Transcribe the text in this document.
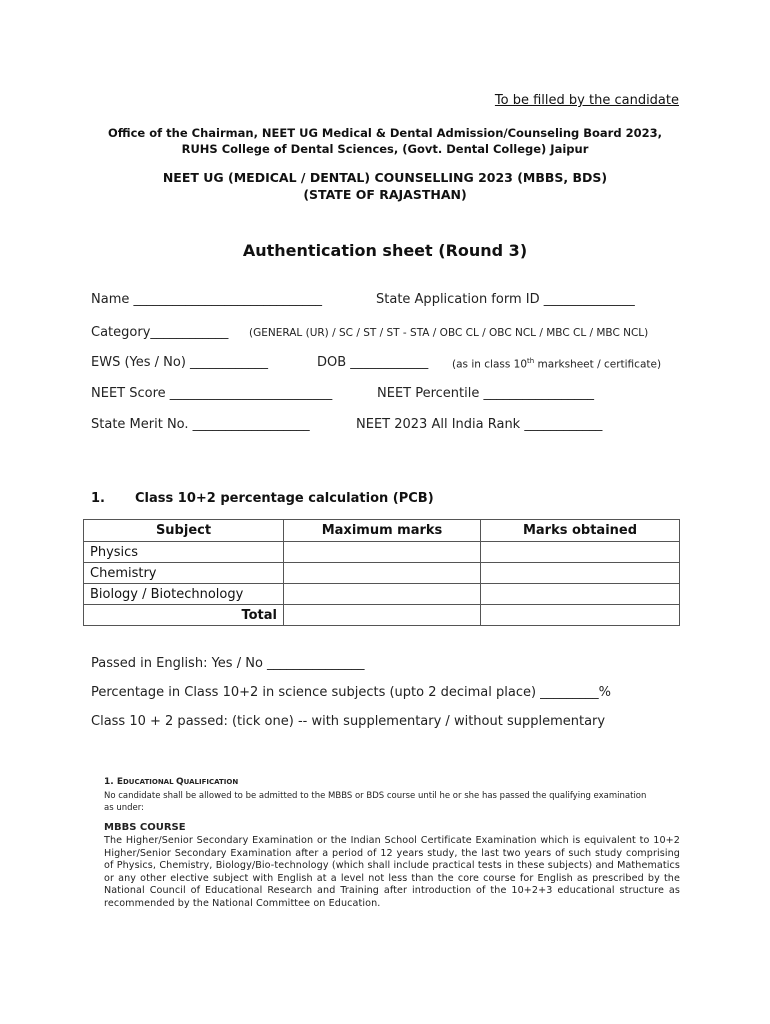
To be filled by the candidate
Office of the Chairman, NEET UG Medical & Dental Admission/Counseling Board 2023,
RUHS College of Dental Sciences, (Govt. Dental College) Jaipur
NEET UG (MEDICAL / DENTAL) COUNSELLING 2023 (MBBS, BDS)
(STATE OF RAJASTHAN)
Authentication sheet (Round 3)
Name _____________________________	State Application form ID ______________
Category____________ (GENERAL (UR) / SC / ST / ST - STA / OBC CL / OBC NCL / MBC CL / MBC NCL)
EWS (Yes / No) ____________	DOB ____________ (as in class 10th marksheet / certificate)
NEET Score _________________________	NEET Percentile _________________
State Merit No. __________________	NEET 2023 All India Rank ____________
1. Class 10+2 percentage calculation (PCB)
Subject	Maximum marks	Marks obtained
Physics		
Chemistry		
Biology / Biotechnology		
Total		
Passed in English: Yes / No _______________
Percentage in Class 10+2 in science subjects (upto 2 decimal place) _________%
Class 10 + 2 passed: (tick one) -- with supplementary / without supplementary
1. EDUCATIONAL QUALIFICATION
No candidate shall be allowed to be admitted to the MBBS or BDS course until he or she has passed the qualifying examination
as under:
MBBS COURSE
The Higher/Senior Secondary Examination or the Indian School Certificate Examination which is equivalent to 10+2 Higher/Senior Secondary Examination after a period of 12 years study, the last two years of such study comprising of Physics, Chemistry, Biology/Bio-technology (which shall include practical tests in these subjects) and Mathematics or any other elective subject with English at a level not less than the core course for English as prescribed by the National Council of Educational Research and Training after introduction of the 10+2+3 educational structure as recommended by the National Committee on Education.
